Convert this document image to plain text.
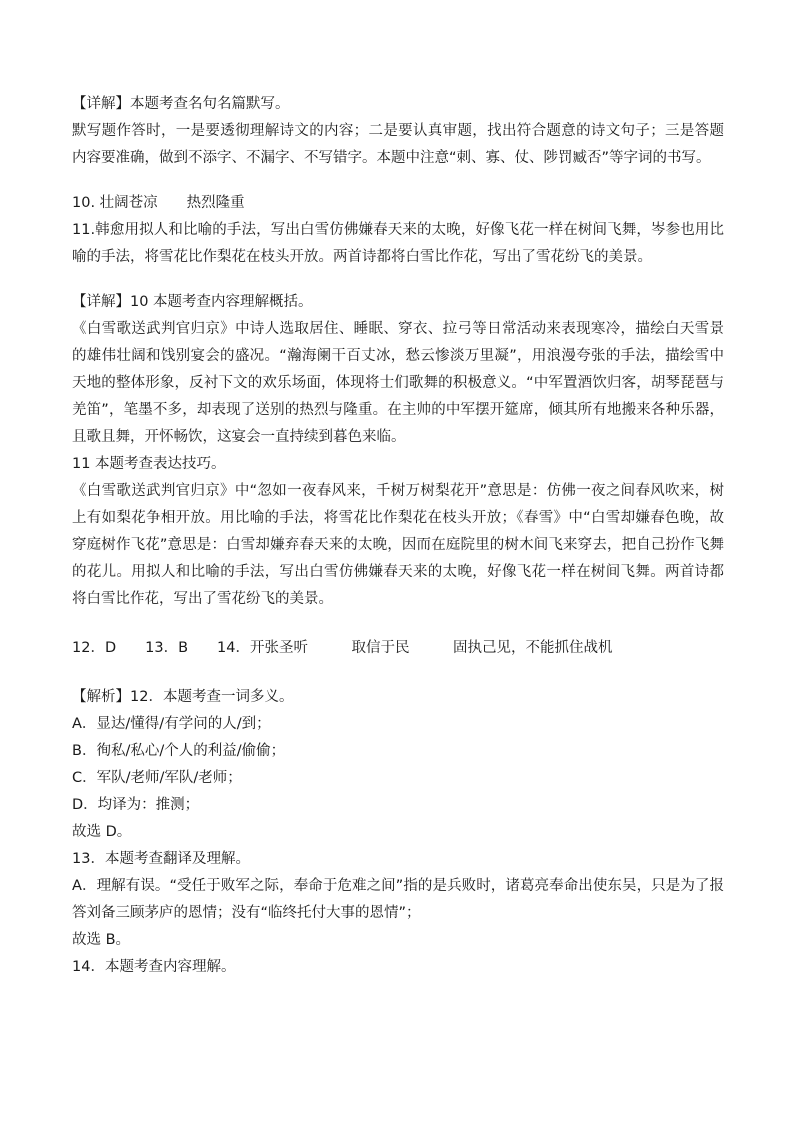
【详解】本题考查名句名篇默写。
默写题作答时，一是要透彻理解诗文的内容；二是要认真审题，找出符合题意的诗文句子；三是答题内容要准确，做到不添字、不漏字、不写错字。本题中注意“刺、寡、仗、陟罚臧否”等字词的书写。
10. 壮阔苍凉　　热烈隆重
11.韩愈用拟人和比喻的手法，写出白雪仿佛嫌春天来的太晚，好像飞花一样在树间飞舞，岑参也用比喻的手法，将雪花比作梨花在枝头开放。两首诗都将白雪比作花，写出了雪花纷飞的美景。
【详解】10 本题考查内容理解概括。
《白雪歌送武判官归京》中诗人选取居住、睡眠、穿衣、拉弓等日常活动来表现寒冷，描绘白天雪景的雄伟壮阔和饯别宴会的盛况。“瀚海阑干百丈冰，愁云惨淡万里凝”，用浪漫夸张的手法，描绘雪中天地的整体形象，反衬下文的欢乐场面，体现将士们歌舞的积极意义。“中军置酒饮归客，胡琴琵琶与羌笛”，笔墨不多，却表现了送别的热烈与隆重。在主帅的中军摆开筵席，倾其所有地搬来各种乐器，且歌且舞，开怀畅饮，这宴会一直持续到暮色来临。
11 本题考查表达技巧。
《白雪歌送武判官归京》中“忽如一夜春风来，千树万树梨花开”意思是：仿佛一夜之间春风吹来，树上有如梨花争相开放。用比喻的手法，将雪花比作梨花在枝头开放；《春雪》中“白雪却嫌春色晚，故穿庭树作飞花”意思是：白雪却嫌弃春天来的太晚，因而在庭院里的树木间飞来穿去，把自己扮作飞舞的花儿。用拟人和比喻的手法，写出白雪仿佛嫌春天来的太晚，好像飞花一样在树间飞舞。两首诗都将白雪比作花，写出了雪花纷飞的美景。
12．D　　13．B　　14．开张圣听　　　取信于民　　　固执己见，不能抓住战机
【解析】12．本题考查一词多义。
A．显达/懂得/有学问的人/到；
B．徇私/私心/个人的利益/偷偷；
C．军队/老师/军队/老师；
D．均译为：推测；
故选 D。
13．本题考查翻译及理解。
A．理解有误。“受任于败军之际，奉命于危难之间”指的是兵败时，诸葛亮奉命出使东吴，只是为了报答刘备三顾茅庐的恩情；没有“临终托付大事的恩情”；
故选 B。
14．本题考查内容理解。
